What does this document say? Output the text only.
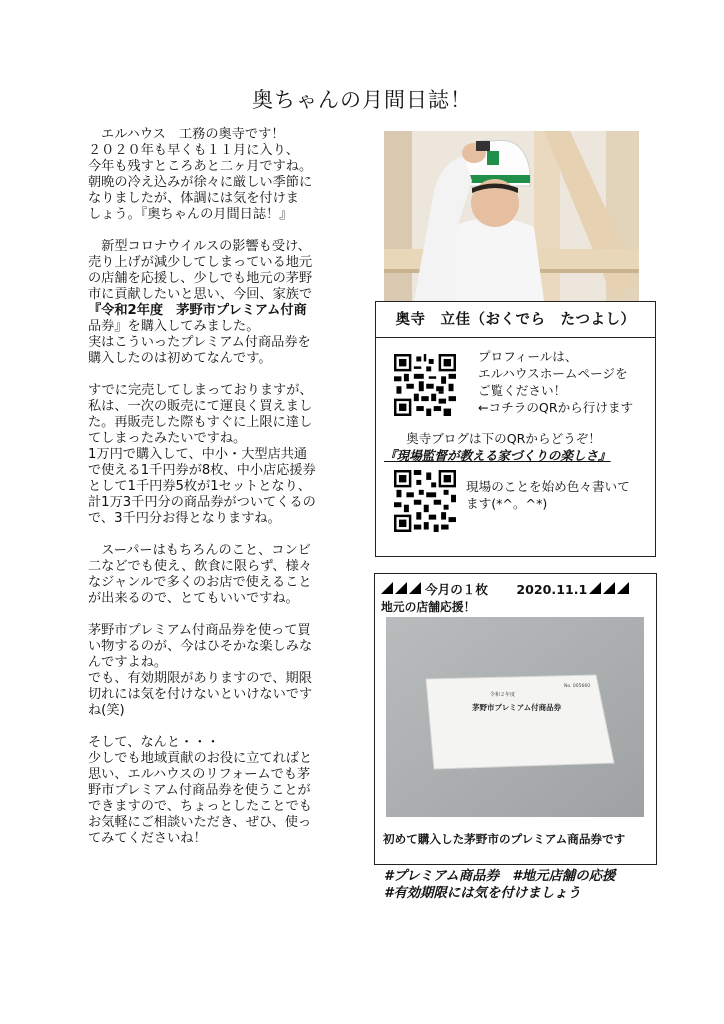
奥ちゃんの月間日誌！

　エルハウス　工務の奥寺です！
２０２０年も早くも１１月に入り、
今年も残すところあと二ヶ月ですね。
朝晩の冷え込みが徐々に厳しい季節に
なりましたが、体調には気を付けま
しょう。『奥ちゃんの月間日誌！』

　新型コロナウイルスの影響も受け、
売り上げが減少してしまっている地元
の店舗を応援し、少しでも地元の茅野
市に貢献したいと思い、今回、家族で
『令和2年度　茅野市プレミアム付商
品券』を購入してみました。
実はこういったプレミアム付商品券を
購入したのは初めてなんです。

すでに完売してしまっておりますが、
私は、一次の販売にて運良く買えまし
た。再販売した際もすぐに上限に達し
てしまったみたいですね。
1万円で購入して、中小・大型店共通
で使える1千円券が8枚、中小店応援券
として1千円券5枚が1セットとなり、
計1万3千円分の商品券がついてくるの
で、3千円分お得となりますね。

　スーパーはもちろんのこと、コンビ
二などでも使え、飲食に限らず、様々
なジャンルで多くのお店で使えること
が出来るので、とてもいいですね。

茅野市プレミアム付商品券を使って買
い物するのが、今はひそかな楽しみな
んですよね。
でも、有効期限がありますので、期限
切れには気を付けないといけないです
ね(笑)

そして、なんと・・・
少しでも地域貢献のお役に立てればと
思い、エルハウスのリフォームでも茅
野市プレミアム付商品券を使うことが
できますので、ちょっとしたことでも
お気軽にご相談いただき、ぜひ、使っ
てみてくださいね！

奥寺　立佳（おくでら　たつよし）
プロフィールは、
エルハウスホームページを
ご覧ください！
←コチラのQRから行けます
奥寺ブログは下のQRからどうぞ！
『現場監督が教える家づくりの楽しさ』
現場のことを始め色々書いて
ます(*^。^*)
今月の１枚 2020.11.1
地元の店舗応援！
令和２年度
茅野市プレミアム付商品券
No. 005660
初めて購入した茅野市のプレミアム商品券です
#プレミアム商品券　#地元店舗の応援
#有効期限には気を付けましょう
